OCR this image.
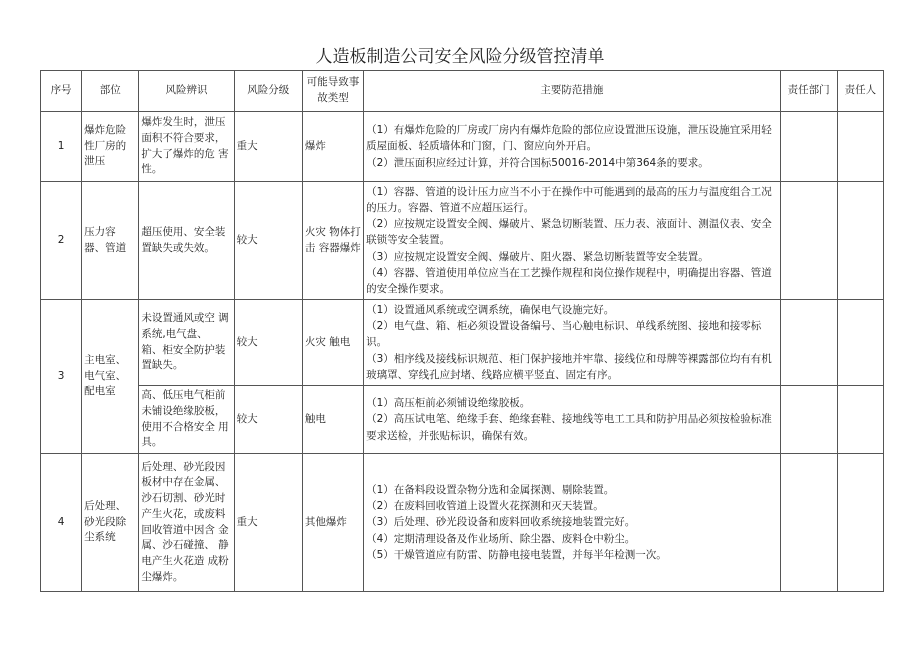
人造板制造公司安全风险分级管控清单
序号	部位	风险辨识	风险分级	可能导致事故类型	主要防范措施	责任部门	责任人
1	爆炸危险性厂房的泄压	爆炸发生时，泄压面积不符合要求，扩大了爆炸的危 害性。	重大	爆炸	（1）有爆炸危险的厂房或厂房内有爆炸危险的部位应设置泄压设施，泄压设施宜采用轻质屋面板、轻质墙体和门窗，门、窗应向外开启。
（2）泄压面积应经过计算，并符合国标50016-2014中第364条的要求。		

2	压力容器、管道	超压使用、安全装置缺失或失效。	较大	火灾 物体打击 容器爆炸	（1）容器、管道的设计压力应当不小于在操作中可能遇到的最高的压力与温度组合工况的压力。容器、管道不应超压运行。
（2）应按规定设置安全阀、爆破片、紧急切断装置、压力表、液面计、测温仪表、安全联锁等安全装置。
（3）应按规定设置安全阀、爆破片、阻火器、紧急切断装置等安全装置。
（4）容器、管道使用单位应当在工艺操作规程和岗位操作规程中，明确提出容器、管道的安全操作要求。		

3	主电室、电气室、配电室	未设置通风或空 调系统,电气盘、 箱、柜安全防护装 置缺失。	较大	火灾 触电	（1）设置通风系统或空调系统，确保电气设施完好。
（2）电气盘、箱、柜必须设置设备编号、当心触电标识、单线系统图、接地和接零标识。
（3）相序线及接线标识规范、柜门保护接地并牢靠、接线位和母牌等裸露部位均有有机玻璃罩、穿线孔应封堵、线路应横平竖直、固定有序。		

		高、低压电气柜前未铺设绝缘胶板，使用不合格安全 用具。	较大	触电	（1）高压柜前必须铺设绝缘胶板。
（2）高压试电笔、绝缘手套、绝缘套鞋、接地线等电工工具和防护用品必须按检验标准要求送检，并张贴标识，确保有效。		

4	后处理、砂光段除尘系统	后处理、砂光段因板材中存在金属、沙石切割、砂光时产生火花，或废料回收管道中因含 金属、沙石碰撞、 静电产生火花造 成粉尘爆炸。	重大	其他爆炸	（1）在备料段设置杂物分选和金属探测、剔除装置。
（2）在废料回收管道上设置火花探测和灭天装置。
（3）后处理、砂光段设备和废料回收系统接地装置完好。
（4）定期清理设备及作业场所、除尘器、废料仓中粉尘。
（5）干燥管道应有防雷、防静电接电装置，并每半年检测一次。		
